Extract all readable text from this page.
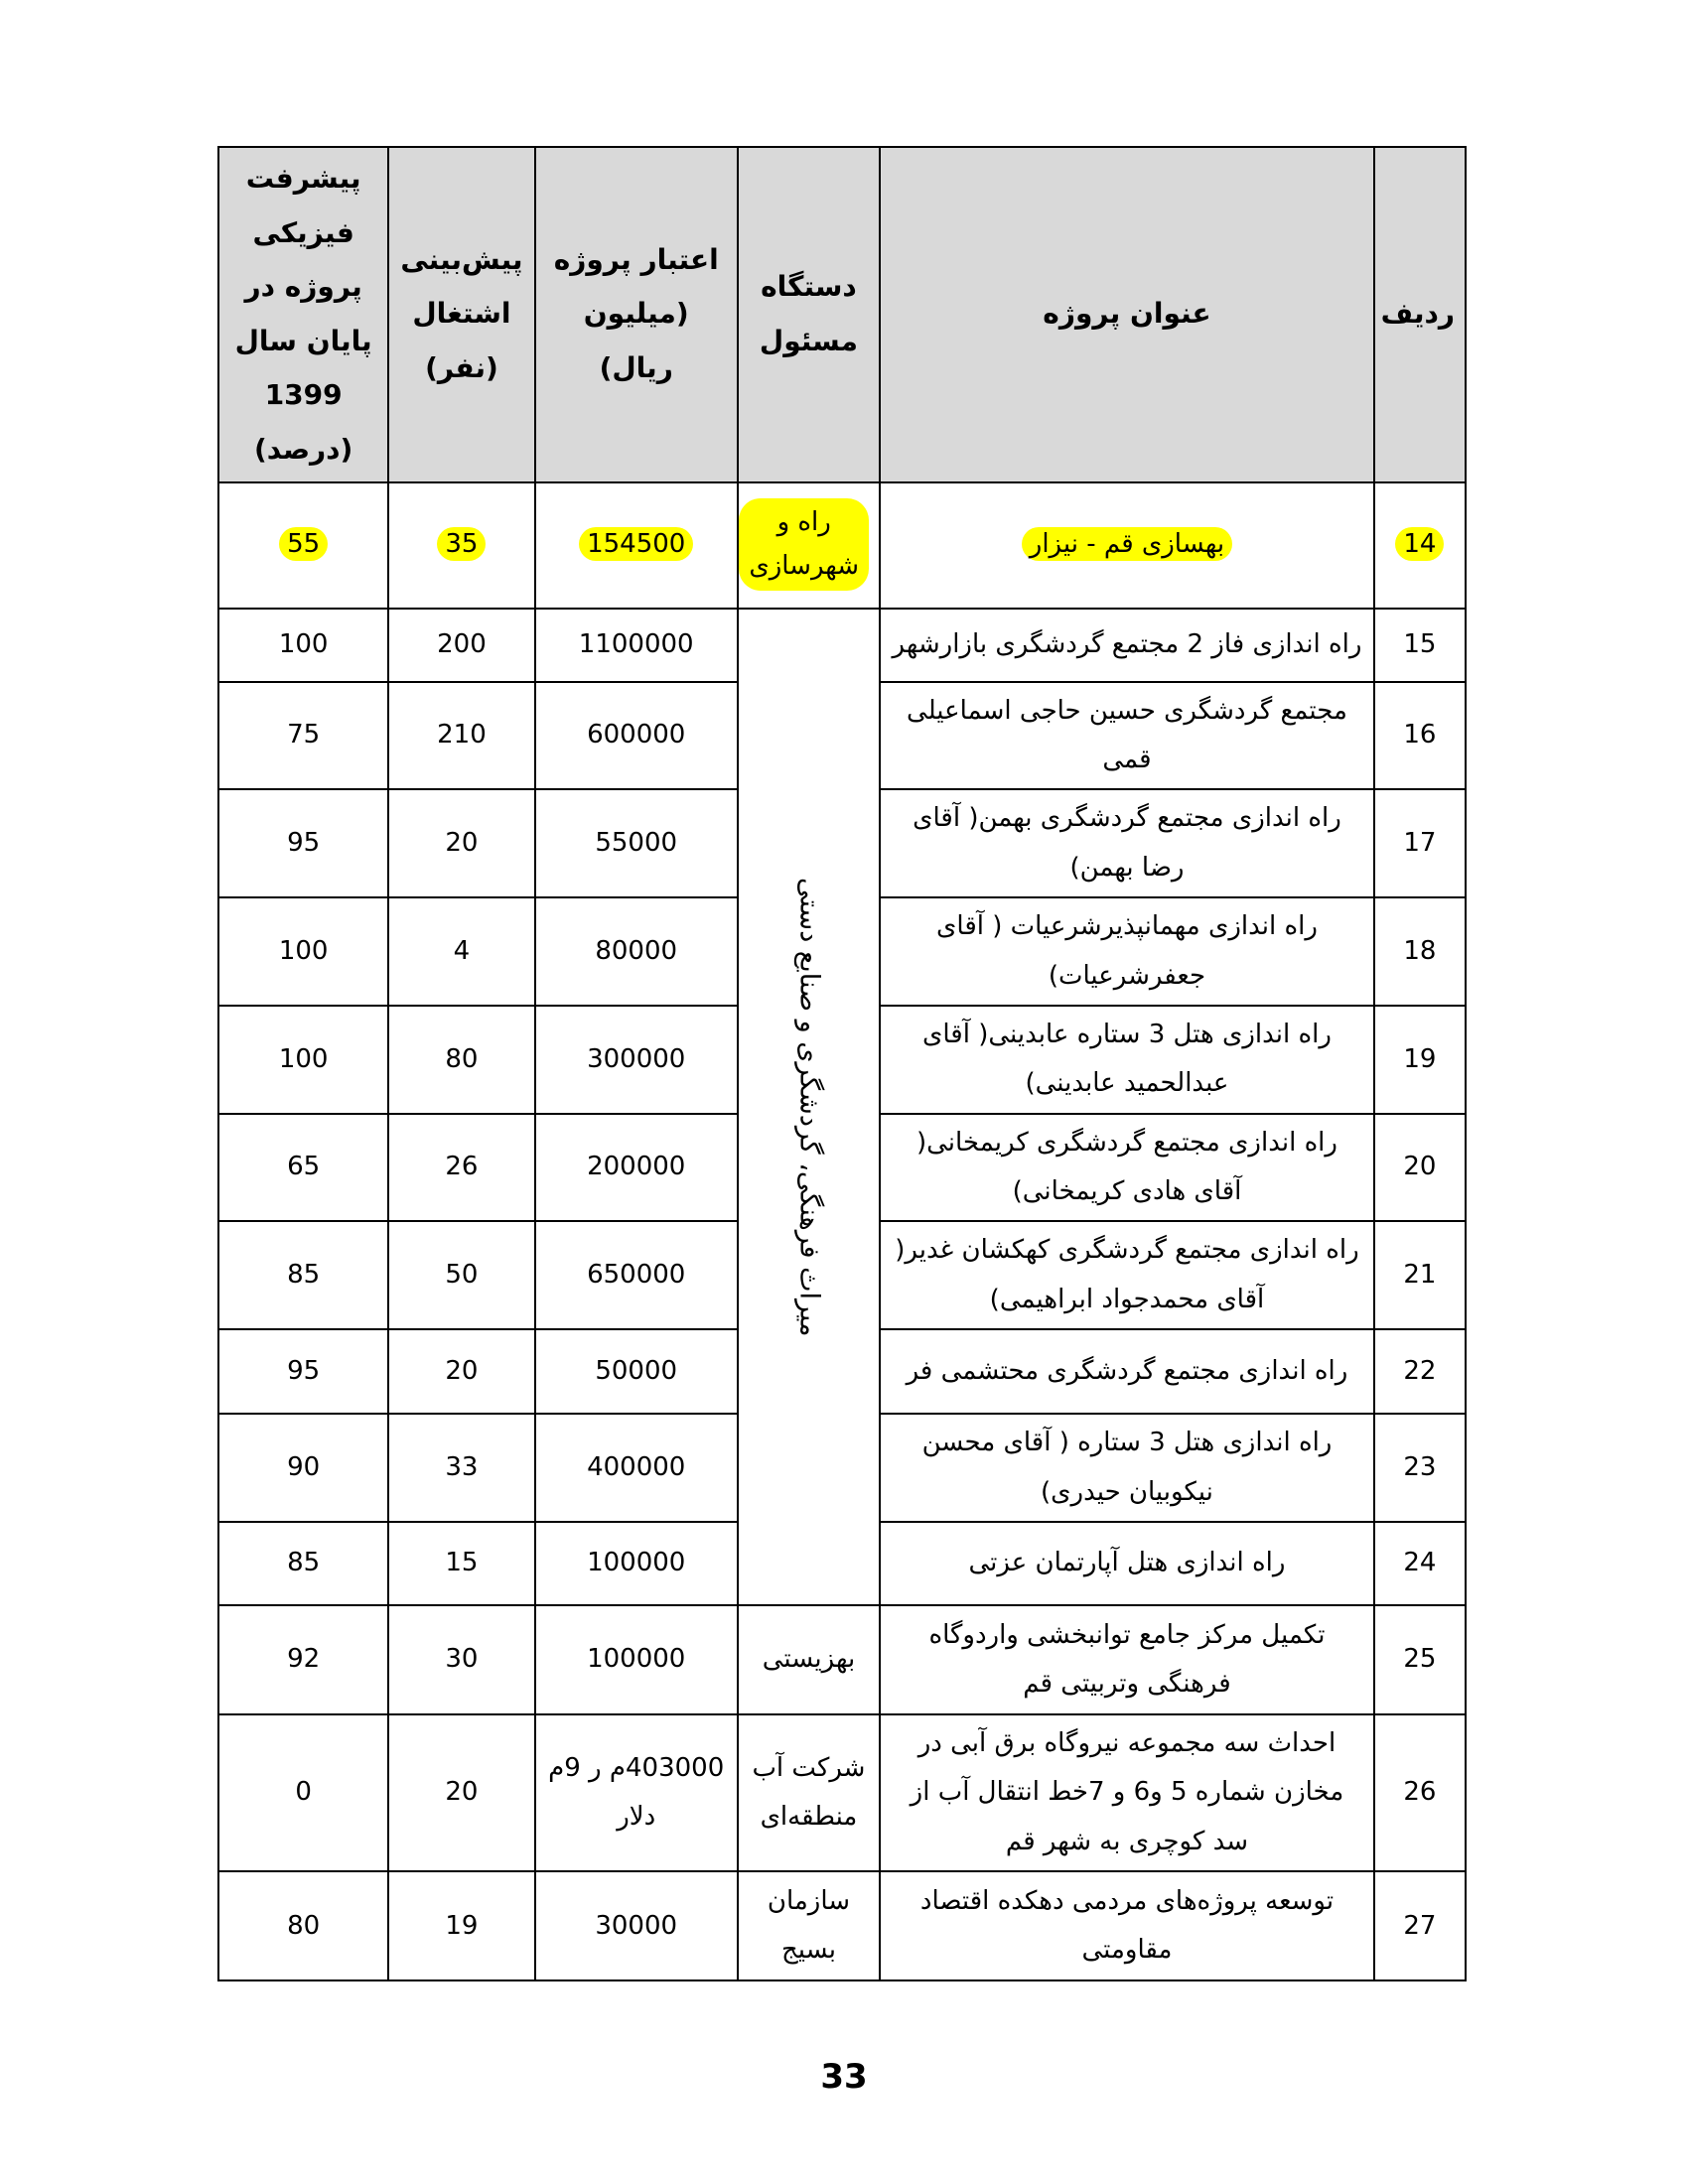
ردیف	عنوان پروژه	دستگاه مسئول	اعتبار پروژه (میلیون ریال)	پیش‌بینی اشتغال (نفر)	پیشرفت فیزیکی پروژه در پایان سال 1399 (درصد)
14	بهسازی قم - نیزار	راه و شهرسازی	154500	35	55
15	راه اندازی فاز 2 مجتمع گردشگری بازارشهر	میراث فرهنگی، گردشگری و صنایع دستی	1100000	200	100
16	مجتمع گردشگری حسین حاجی اسماعیلی قمی		600000	210	75
17	راه اندازی مجتمع گردشگری بهمن( آقای رضا بهمن)		55000	20	95
18	راه اندازی مهمانپذیرشرعیات ( آقای جعفرشرعیات)		80000	4	100
19	راه اندازی هتل 3 ستاره عابدینی( آقای عبدالحمید عابدینی)		300000	80	100
20	راه اندازی مجتمع گردشگری کریمخانی( آقای هادی کریمخانی)		200000	26	65
21	راه اندازی مجتمع گردشگری کهکشان غدیر( آقای محمدجواد ابراهیمی)		650000	50	85
22	راه اندازی مجتمع گردشگری محتشمی فر		50000	20	95
23	راه اندازی هتل 3 ستاره ( آقای محسن نیکوبیان حیدری)		400000	33	90
24	راه اندازی هتل آپارتمان عزتی		100000	15	85
25	تکمیل مرکز جامع توانبخشی واردوگاه فرهنگی وتربیتی قم	بهزیستی	100000	30	92
26	احداث سه مجموعه نیروگاه برق آبی در مخازن شماره 5 و6 و 7خط انتقال آب از سد کوچری به شهر قم	شرکت آب منطقه‌ای	403000م ر 9م دلار	20	0
27	توسعه پروژه‌های مردمی دهکده اقتصاد مقاومتی	سازمان بسیج	30000	19	80
33
